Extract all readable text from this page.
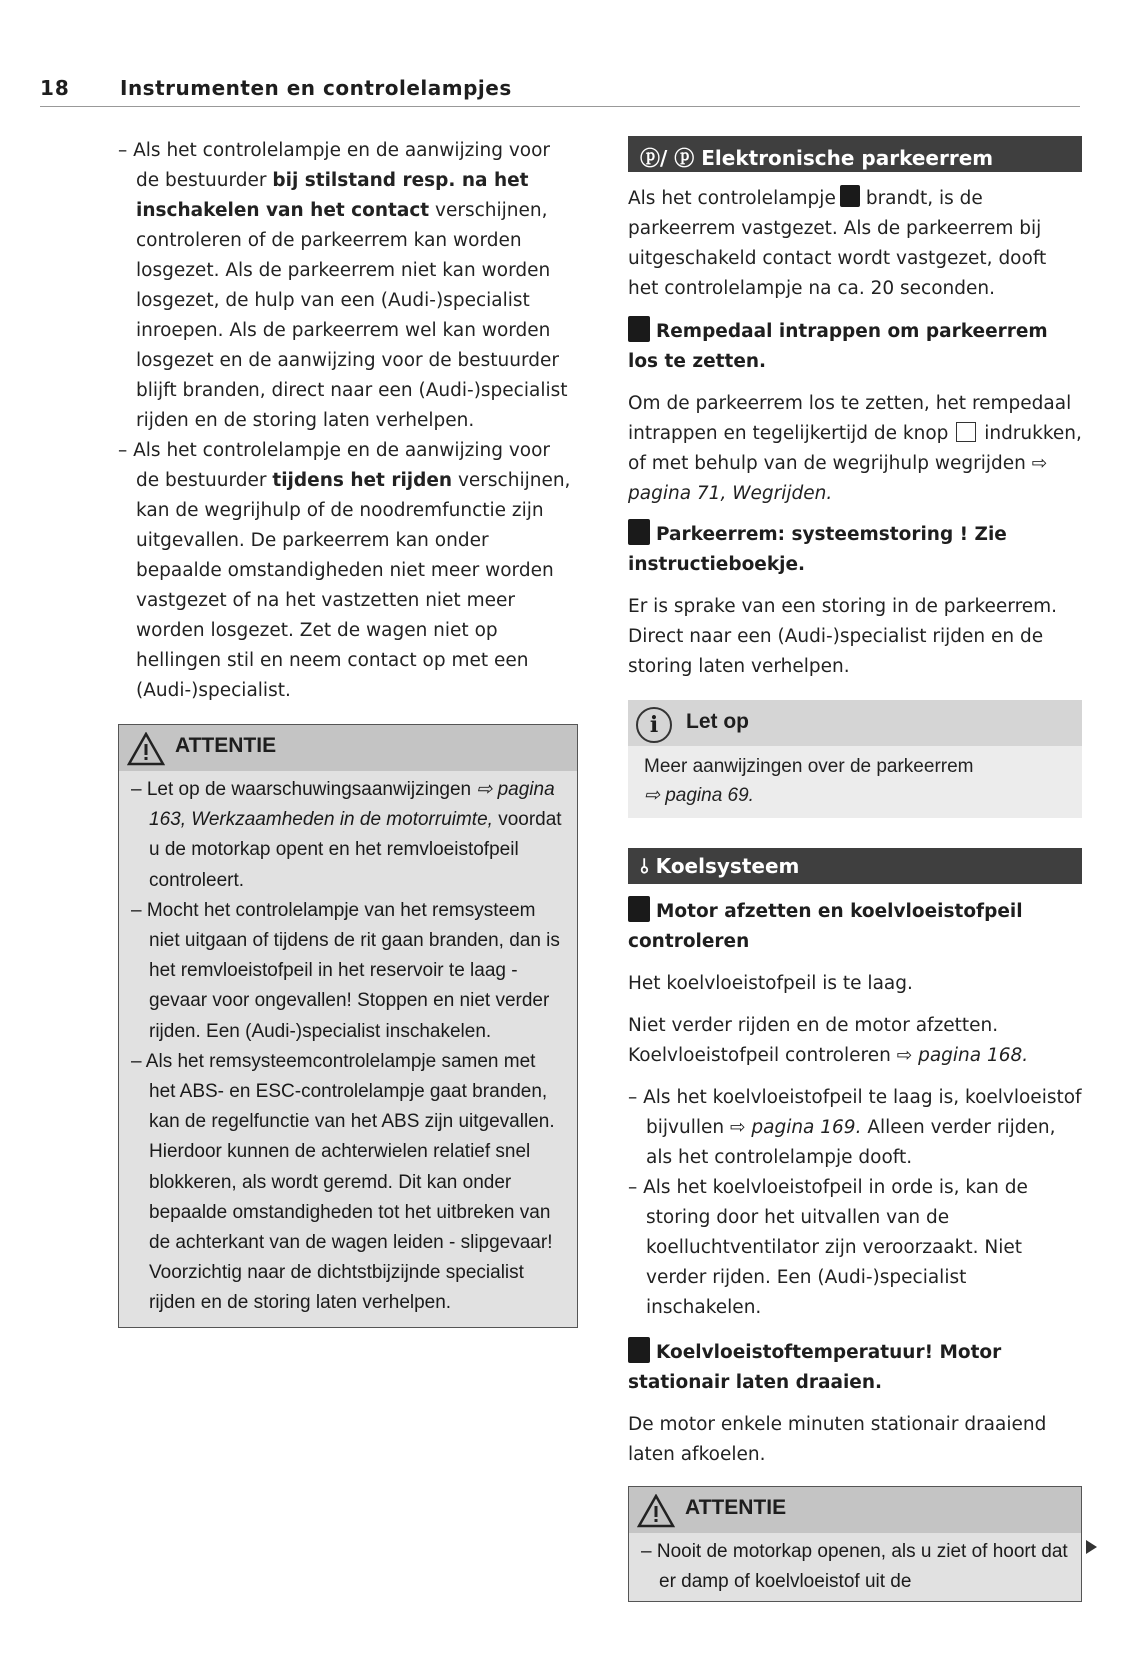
18	Instrumenten en controlelampjes

– Als het controlelampje en de aanwijzing voor de bestuurder bij stilstand resp. na het inschakelen van het contact verschijnen, controleren of de parkeerrem kan worden losgezet. Als de parkeerrem niet kan worden losgezet, de hulp van een (Audi-)specialist inroepen. Als de parkeerrem wel kan worden losgezet en de aanwijzing voor de bestuurder blijft branden, direct naar een (Audi-)specialist rijden en de storing laten verhelpen.

– Als het controlelampje en de aanwijzing voor de bestuurder tijdens het rijden verschijnen, kan de wegrijhulp of de noodremfunctie zijn uitgevallen. De parkeerrem kan onder bepaalde omstandigheden niet meer worden vastgezet of na het vastzetten niet meer worden losgezet. Zet de wagen niet op hellingen stil en neem contact op met een (Audi-)specialist.

ATTENTIE

– Let op de waarschuwingsaanwijzingen ⇨ pagina 163, Werkzaamheden in de motorruimte, voordat u de motorkap opent en het remvloeistofpeil controleert.

– Mocht het controlelampje van het remsysteem niet uitgaan of tijdens de rit gaan branden, dan is het remvloeistofpeil in het reservoir te laag - gevaar voor ongevallen! Stoppen en niet verder rijden. Een (Audi-)specialist inschakelen.

– Als het remsysteemcontrolelampje samen met het ABS- en ESC-controlelampje gaat branden, kan de regelfunctie van het ABS zijn uitgevallen. Hierdoor kunnen de achterwielen relatief snel blokkeren, als wordt geremd. Dit kan onder bepaalde omstandigheden tot het uitbreken van de achterkant van de wagen leiden - slipgevaar! Voorzichtig naar de dichtstbijzijnde specialist rijden en de storing laten verhelpen.

ⓟ/ ⓟ Elektronische parkeerrem

Als het controlelampje brandt, is de parkeerrem vastgezet. Als de parkeerrem bij uitgeschakeld contact wordt vastgezet, dooft het controlelampje na ca. 20 seconden.

Rempedaal intrappen om parkeerrem los te zetten.

Om de parkeerrem los te zetten, het rempedaal intrappen en tegelijkertijd de knop indrukken, of met behulp van de wegrijhulp wegrijden ⇨ pagina 71, Wegrijden.

Parkeerrem: systeemstoring ! Zie instructieboekje.

Er is sprake van een storing in de parkeerrem. Direct naar een (Audi-)specialist rijden en de storing laten verhelpen.

i	Let op

Meer aanwijzingen over de parkeerrem
⇨ pagina 69.

⫰ Koelsysteem

Motor afzetten en koelvloeistofpeil controleren

Het koelvloeistofpeil is te laag.

Niet verder rijden en de motor afzetten. Koelvloeistofpeil controleren ⇨ pagina 168.

– Als het koelvloeistofpeil te laag is, koelvloeistof bijvullen ⇨ pagina 169. Alleen verder rijden, als het controlelampje dooft.

– Als het koelvloeistofpeil in orde is, kan de storing door het uitvallen van de koelluchtventilator zijn veroorzaakt. Niet verder rijden. Een (Audi-)specialist inschakelen.

Koelvloeistoftemperatuur! Motor stationair laten draaien.

De motor enkele minuten stationair draaiend laten afkoelen.

ATTENTIE

– Nooit de motorkap openen, als u ziet of hoort dat er damp of koelvloeistof uit de
